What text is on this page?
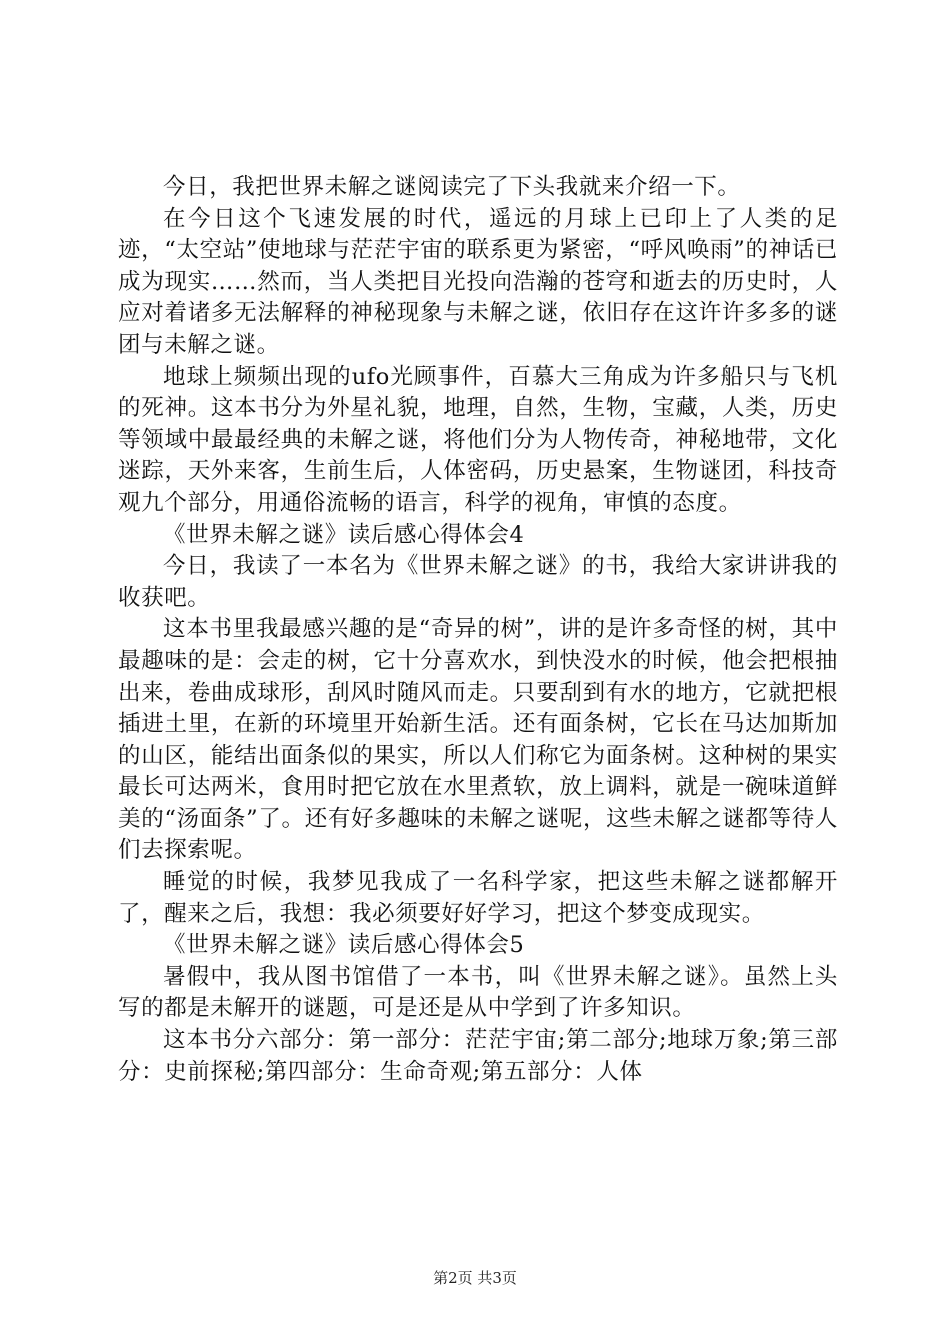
今日，我把世界未解之谜阅读完了下头我就来介绍一下。

在今日这个飞速发展的时代，遥远的月球上已印上了人类的足迹，“太空站”使地球与茫茫宇宙的联系更为紧密，“呼风唤雨”的神话已成为现实……然而，当人类把目光投向浩瀚的苍穹和逝去的历史时，人应对着诸多无法解释的神秘现象与未解之谜，依旧存在这许许多多的谜团与未解之谜。

地球上频频出现的ufo光顾事件，百慕大三角成为许多船只与飞机的死神。这本书分为外星礼貌，地理，自然，生物，宝藏，人类，历史等领域中最最经典的未解之谜，将他们分为人物传奇，神秘地带，文化迷踪，天外来客，生前生后，人体密码，历史悬案，生物谜团，科技奇观九个部分，用通俗流畅的语言，科学的视角，审慎的态度。

《世界未解之谜》读后感心得体会4

今日，我读了一本名为《世界未解之谜》的书，我给大家讲讲我的收获吧。

这本书里我最感兴趣的是“奇异的树”，讲的是许多奇怪的树，其中最趣味的是：会走的树，它十分喜欢水，到快没水的时候，他会把根抽出来，卷曲成球形，刮风时随风而走。只要刮到有水的地方，它就把根插进土里，在新的环境里开始新生活。还有面条树，它长在马达加斯加的山区，能结出面条似的果实，所以人们称它为面条树。这种树的果实最长可达两米，食用时把它放在水里煮软，放上调料，就是一碗味道鲜美的“汤面条”了。还有好多趣味的未解之谜呢，这些未解之谜都等待人们去探索呢。

睡觉的时候，我梦见我成了一名科学家，把这些未解之谜都解开了，醒来之后，我想：我必须要好好学习，把这个梦变成现实。

《世界未解之谜》读后感心得体会5

暑假中，我从图书馆借了一本书，叫《世界未解之谜》。虽然上头写的都是未解开的谜题，可是还是从中学到了许多知识。

这本书分六部分：第一部分：茫茫宇宙;第二部分;地球万象;第三部分：史前探秘;第四部分：生命奇观;第五部分：人体

第2页 共3页
